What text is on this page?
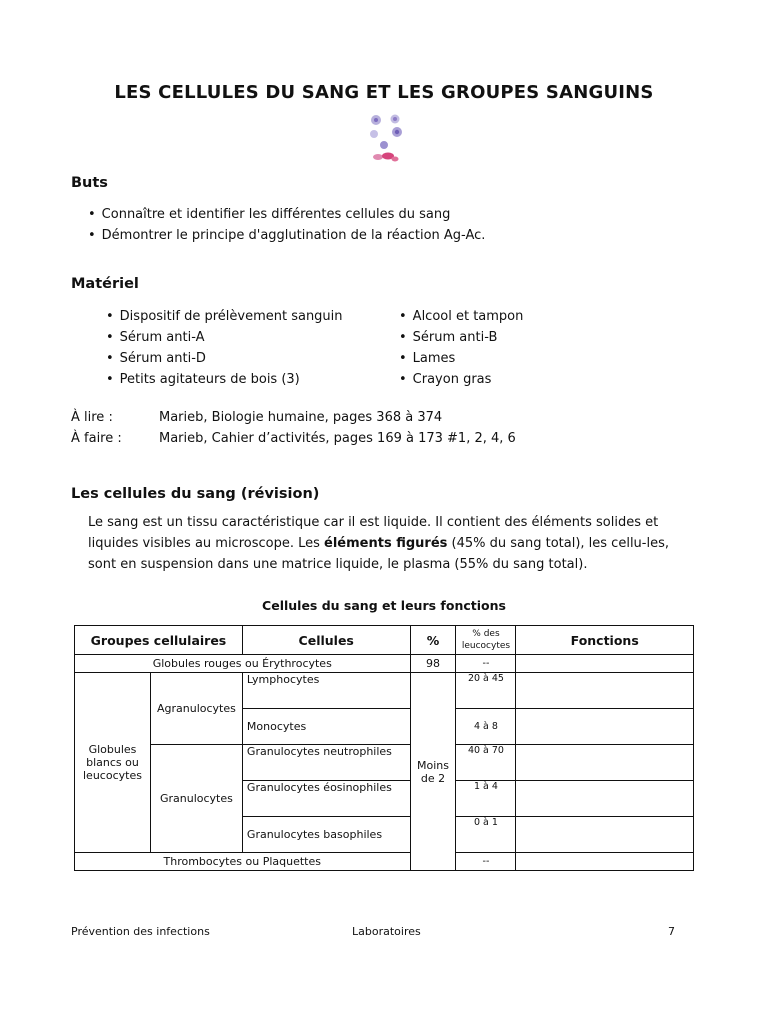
LES CELLULES DU SANG ET LES GROUPES SANGUINS
Buts
• Connaître et identifier les différentes cellules du sang
• Démontrer le principe d'agglutination de la réaction Ag-Ac.
Matériel
• Dispositif de prélèvement sanguin
• Sérum anti-A
• Sérum anti-D
• Petits agitateurs de bois (3)
• Alcool et tampon
• Sérum anti-B
• Lames
• Crayon gras
À lire :	Marieb, Biologie humaine, pages 368 à 374
À faire :	Marieb, Cahier d’activités, pages 169 à 173 #1, 2, 4, 6
Les cellules du sang (révision)

Le sang est un tissu caractéristique car il est liquide. Il contient des éléments solides et liquides visibles au microscope. Les éléments figurés (45% du sang total), les cellu-les, sont en suspension dans une matrice liquide, le plasma (55% du sang total).

Cellules du sang et leurs fonctions
Groupes cellulaires		Cellules	%	% des leucocytes	Fonctions
Globules rouges ou Érythrocytes			98	--	
Globules blancs ou leucocytes	Agranulocytes	Lymphocytes	Moins de 2	20 à 45	
		Monocytes		4 à 8	
	Granulocytes	Granulocytes neutrophiles		40 à 70	
		Granulocytes éosinophiles		1 à 4	
		Granulocytes basophiles		0 à 1	
Thrombocytes ou Plaquettes				--	
Prévention des infections	Laboratoires	7
